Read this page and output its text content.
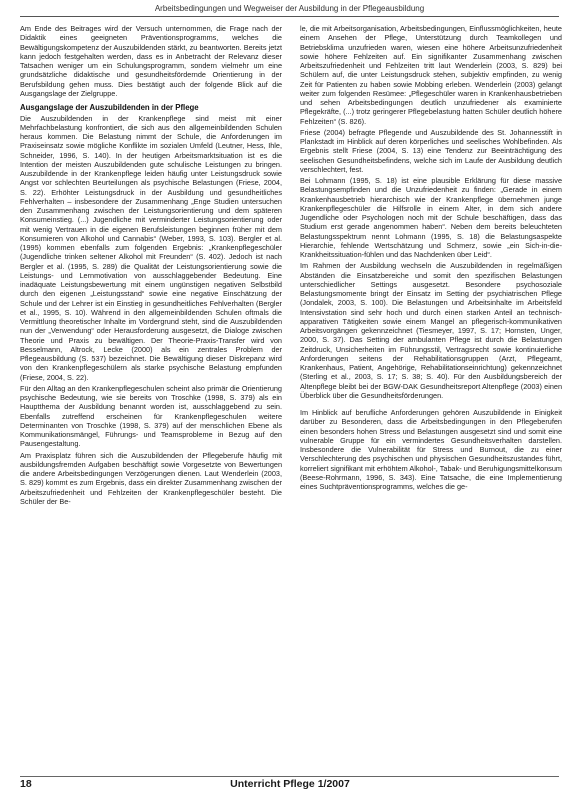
Arbeitsbedingungen und Wegweiser der Ausbildung in der Pflegeausbildung

Am Ende des Beitrages wird der Versuch unternommen, die Frage nach der Didaktik eines geeigneten Präventionsprogramms, welches die Bewältigungskompetenz der Auszubildenden stärkt, zu beantworten. Bereits jetzt kann jedoch festgehalten werden, dass es in Anbetracht der Relevanz dieser Tatsachen weniger um ein Schulungsprogramm, sondern vielmehr um eine grundsätzliche didaktische und gesundheitsfördernde Orientierung in der Berufsbildung gehen muss. Dies bestätigt auch der folgende Blick auf die Ausgangslage der Zielgruppe.

Ausgangslage der Auszubildenden in der Pflege

Die Auszubildenden in der Krankenpflege sind meist mit einer Mehrfachbelastung konfrontiert, die sich aus den allgemeinbildenden Schulen heraus kommen. Die Belastung nimmt der Schule, die Anforderungen im Praxiseinsatz sowie mögliche Konflikte im sozialen Umfeld (Leutner, Hess, Ihle, Schneider, 1996, S. 140). In der heutigen Arbeitsmarktsituation ist es die Intention der meisten Auszubildenden gute schulische Leistungen zu bringen. Auszubildende in der Krankenpflege leiden häufig unter Leistungsdruck sowie Angst vor schlechten Beurteilungen als psychische Belastungen (Friese, 2004, S. 22). Erhöhter Leistungsdruck in der Ausbildung und gesundheitliches Fehlverhalten – insbesondere der Zusammenhang „Enge Studien untersuchen den Zusammenhang zwischen der Leistungsorientierung und dem späteren Konsumeinstieg. (...) Jugendliche mit verminderter Leistungsorientierung oder mit wenig Vertrauen in die eigenen Berufsleistungen beginnen früher mit dem Konsumieren von Alkohol und Cannabis“ (Weber, 1993, S. 103). Bergler et al. (1995) kommen ebenfalls zum folgenden Ergebnis: „Krankenpflegeschüler (Jugendliche trinken seltener Alkohol mit Freunden“ (S. 402). Jedoch ist nach Bergler et al. (1995, S. 289) die Qualität der Leistungsorientierung sowie die Leistungs- und Lernmotivation von ausschlaggebender Bedeutung. Eine inadäquate Leistungsbewertung mit einem ungünstigen negativen Selbstbild durch den eigenen „Leistungsstand“ sowie eine negative Einschätzung der Schule und der Lehrer ist ein Einstieg in gesundheitliches Fehlverhalten (Bergler et al., 1995, S. 10). Während in den allgemeinbildenden Schulen oftmals die Vermittlung theoretischer Inhalte im Vordergrund steht, sind die Auszubildenden nun der „Verwendung“ oder Herausforderung ausgesetzt, die Dialoge zwischen Theorie und Praxis zu bewältigen. Der Theorie-Praxis-Transfer wird von Besselmann, Altrock, Lecke (2000) als ein zentrales Problem der Pflegeausbildung (S. 537) bezeichnet. Die Bewältigung dieser Diskrepanz wird von den Krankenpflegeschülern als starke psychische Belastung empfunden (Friese, 2004, S. 22).

Für den Alltag an den Krankenpflegeschulen scheint also primär die Orientierung psychische Bedeutung, wie sie bereits von Troschke (1998, S. 379) als ein Hauptthema der Ausbildung benannt worden ist, ausschlaggebend zu sein. Ebenfalls zutreffend erscheinen für Krankenpflegeschulen weitere Determinanten von Troschke (1998, S. 379) auf der menschlichen Ebene als Kommunikationsmängel, Führungs- und Teamsprobleme in Bezug auf den Pausengestaltung.

Am Praxisplatz führen sich die Auszubildenden der Pflegeberufe häufig mit ausbildungsfremden Aufgaben beschäftigt sowie Vorgesetzte von Bewertungen die andere Arbeitsbedingungen Verzögerungen dienen. Laut Wenderlein (2003, S. 829) kommt es zum Ergebnis, dass ein direkter Zusammenhang zwischen der Arbeitszufriedenheit und Fehlzeiten der Krankenpflegeschüler besteht. Die Schüler der Be-

le, die mit Arbeitsorganisation, Arbeitsbedingungen, Einflussmöglichkeiten, heute einem Ansehen der Pflege, Unterstützung durch Teamkollegen und Betriebsklima unzufrieden waren, wiesen eine höhere Arbeitsunzufriedenheit sowie höhere Fehlzeiten auf. Ein signifikanter Zusammenhang zwischen Arbeitszufriedenheit und Fehlzeiten tritt laut Wenderlein (2003, S. 829) bei Schülern auf, die unter Leistungsdruck stehen, subjektiv empfinden, zu wenig Zeit für Patienten zu haben sowie Mobbing erleben. Wenderlein (2003) gelangt weiter zum folgenden Resümee: „Pflegeschüler waren in Krankenhausbetrieben und sehen Arbeitsbedingungen deutlich unzufriedener als examinierte Pflegekräfte, (...) trotz geringerer Pflegebelastung hatten Schüler deutlich höhere Fehlzeiten“ (S. 826).

Friese (2004) befragte Pflegende und Auszubildende des St. Johannesstift in Plankstadt im Hinblick auf deren körperliches und seelisches Wohlbefinden. Als Ergebnis stellt Friese (2004, S. 13) eine Tendenz zur Beeinträchtigung des seelischen Gesundheitsbefindens, welche sich im Laufe der Ausbildung deutlich verschlechtert, fest.

Bei Lohmann (1995, S. 18) ist eine plausible Erklärung für diese massive Belastungsempfinden und die Unzufriedenheit zu finden: „Gerade in einem Krankenhausbetrieb hierarchisch wie der Krankenpflege übernehmen junge Krankenpflegeschüler die Hilfsrolle in einem Alter, in dem sich andere Jugendliche oder Psychologen noch mit der Schule beschäftigen, dass das Studium erst gerade angenommen haben“. Neben dem bereits beleuchteten Belastungsspektrum nennt Lohmann (1995, S. 18) die Belastungsaspekte Hierarchie, fehlende Wertschätzung und Schmerz, sowie „ein Sich-in-die-Krankheitssituation-fühlen und das Nachdenken über Leid“.

Im Rahmen der Ausbildung wechseln die Auszubildenden in regelmäßigen Abständen die Einsatzbereiche und somit den spezifischen Belastungen unterschiedlicher Settings ausgesetzt. Besondere psychosoziale Belastungsmomente bringt der Einsatz im Setting der psychiatrischen Pflege (Jondalek, 2003, S. 100). Die Belastungen und Arbeitsinhalte im Arbeitsfeld Intensivstation sind sehr hoch und durch einen starken Anteil an technisch-apparativen Tätigkeiten sowie einem Mangel an pflegerisch-kommunikativen Arbeitsvorgängen gekennzeichnet (Tiesmeyer, 1997, S. 17; Hornsten, Unger, 2000, S. 37). Das Setting der ambulanten Pflege ist durch die Belastungen Zeitdruck, Unsicherheiten im Führungsstil, Vertragsrecht sowie kontinuierliche Anforderungen seitens der Rehabilitationsgruppen (Arzt, Pflegeamt, Krankenhaus, Patient, Angehörige, Rehabilitationseinrichtung) gekennzeichnet (Sterling et al., 2003, S. 17; S. 38; S. 40). Für den Ausbildungsbereich der Altenpflege bleibt bei der BGW-DAK Gesundheitsreport Altenpflege (2003) einen Überblick über die Gesundheitsförderungen.

Im Hinblick auf berufliche Anforderungen gehören Auszubildende in Einigkeit darüber zu Besonderen, dass die Arbeitsbedingungen in den Pflegeberufen einen besonders hohen Stress und Belastungen ausgesetzt sind und somit eine vulnerable Gruppe für ein vermindertes Gesundheitsverhalten darstellen. Insbesondere die Vulnerabilität für Stress und Burnout, die zu einer Verschlechterung des psychischen und physischen Gesundheitszustandes führt, korreliert signifikant mit erhöhtem Alkohol-, Tabak- und Beruhigungsmittelkonsum (Beese-Rohrmann, 1996, S. 343). Eine Tatsache, die eine Implementierung eines Suchtpräventionsprogramms, welches die ge-

18	Unterricht Pflege 1/2007
